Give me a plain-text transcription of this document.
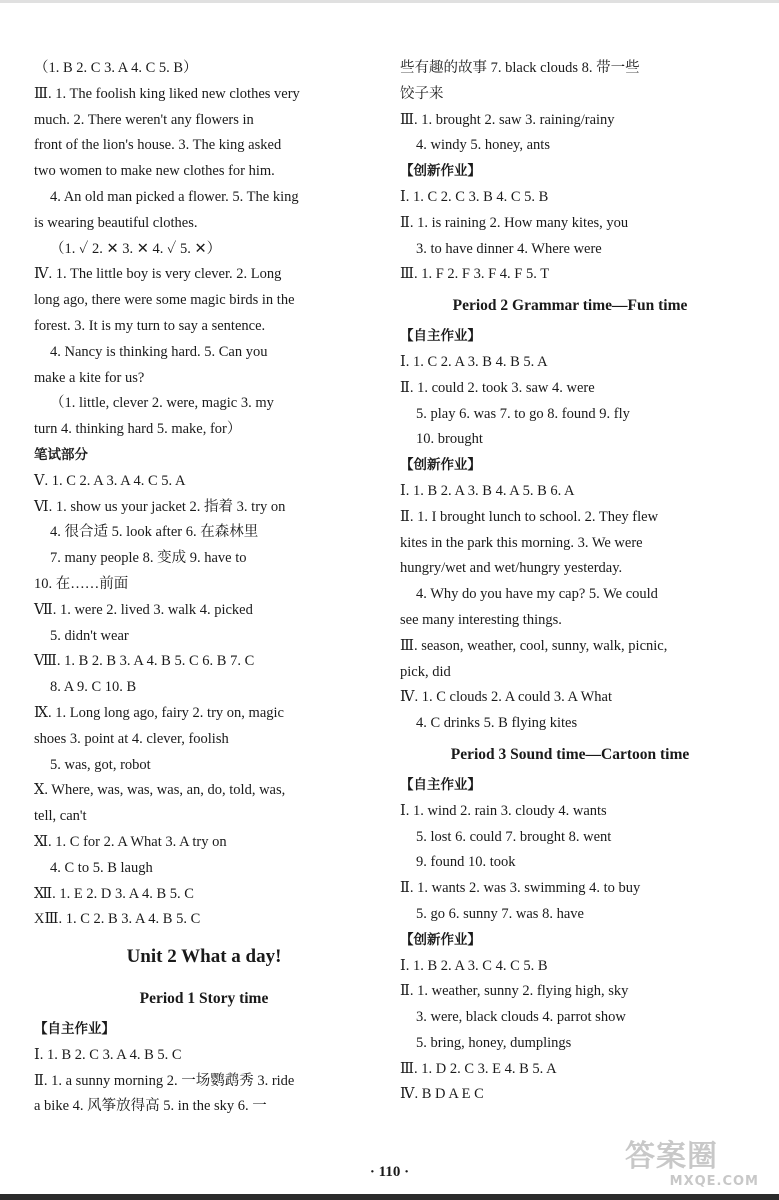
（1. B 2. C 3. A 4. C 5. B）
Ⅲ. 1. The foolish king liked new clothes very
much. 2. There weren't any flowers in
front of the lion's house. 3. The king asked
two women to make new clothes for him.
4. An old man picked a flower. 5. The king
is wearing beautiful clothes.
（1. ✓ 2. ✕ 3. ✕ 4. ✓ 5. ✕）
Ⅳ. 1. The little boy is very clever. 2. Long
long ago, there were some magic birds in the
forest. 3. It is my turn to say a sentence.
4. Nancy is thinking hard. 5. Can you
make a kite for us?
（1. little, clever 2. were, magic 3. my
turn 4. thinking hard 5. make, for）
笔试部分
Ⅴ. 1. C 2. A 3. A 4. C 5. A
Ⅵ. 1. show us your jacket 2. 指着 3. try on
4. 很合适 5. look after 6. 在森林里
7. many people 8. 变成 9. have to
10. 在……前面
Ⅶ. 1. were 2. lived 3. walk 4. picked
5. didn't wear
Ⅷ. 1. B 2. B 3. A 4. B 5. C 6. B 7. C
8. A 9. C 10. B
Ⅸ. 1. Long long ago, fairy 2. try on, magic
shoes 3. point at 4. clever, foolish
5. was, got, robot
Ⅹ. Where, was, was, was, an, do, told, was,
tell, can't
Ⅺ. 1. C for 2. A What 3. A try on
4. C to 5. B laugh
Ⅻ. 1. E 2. D 3. A 4. B 5. C
XⅢ. 1. C 2. B 3. A 4. B 5. C
Unit 2 What a day!
Period 1 Story time
【自主作业】
Ⅰ. 1. B 2. C 3. A 4. B 5. C
Ⅱ. 1. a sunny morning 2. 一场鹦鹉秀 3. ride
a bike 4. 风筝放得高 5. in the sky 6. 一
些有趣的故事 7. black clouds 8. 带一些
饺子来
Ⅲ. 1. brought 2. saw 3. raining/rainy
4. windy 5. honey, ants
【创新作业】
Ⅰ. 1. C 2. C 3. B 4. C 5. B
Ⅱ. 1. is raining 2. How many kites, you
3. to have dinner 4. Where were
Ⅲ. 1. F 2. F 3. F 4. F 5. T
Period 2 Grammar time—Fun time
【自主作业】
Ⅰ. 1. C 2. A 3. B 4. B 5. A
Ⅱ. 1. could 2. took 3. saw 4. were
5. play 6. was 7. to go 8. found 9. fly
10. brought
【创新作业】
Ⅰ. 1. B 2. A 3. B 4. A 5. B 6. A
Ⅱ. 1. I brought lunch to school. 2. They flew
kites in the park this morning. 3. We were
hungry/wet and wet/hungry yesterday.
4. Why do you have my cap? 5. We could
see many interesting things.
Ⅲ. season, weather, cool, sunny, walk, picnic,
pick, did
Ⅳ. 1. C clouds 2. A could 3. A What
4. C drinks 5. B flying kites
Period 3 Sound time—Cartoon time
【自主作业】
Ⅰ. 1. wind 2. rain 3. cloudy 4. wants
5. lost 6. could 7. brought 8. went
9. found 10. took
Ⅱ. 1. wants 2. was 3. swimming 4. to buy
5. go 6. sunny 7. was 8. have
【创新作业】
Ⅰ. 1. B 2. A 3. C 4. C 5. B
Ⅱ. 1. weather, sunny 2. flying high, sky
3. were, black clouds 4. parrot show
5. bring, honey, dumplings
Ⅲ. 1. D 2. C 3. E 4. B 5. A
Ⅳ. B D A E C
· 110 ·	答案圈
MXQE.COM
